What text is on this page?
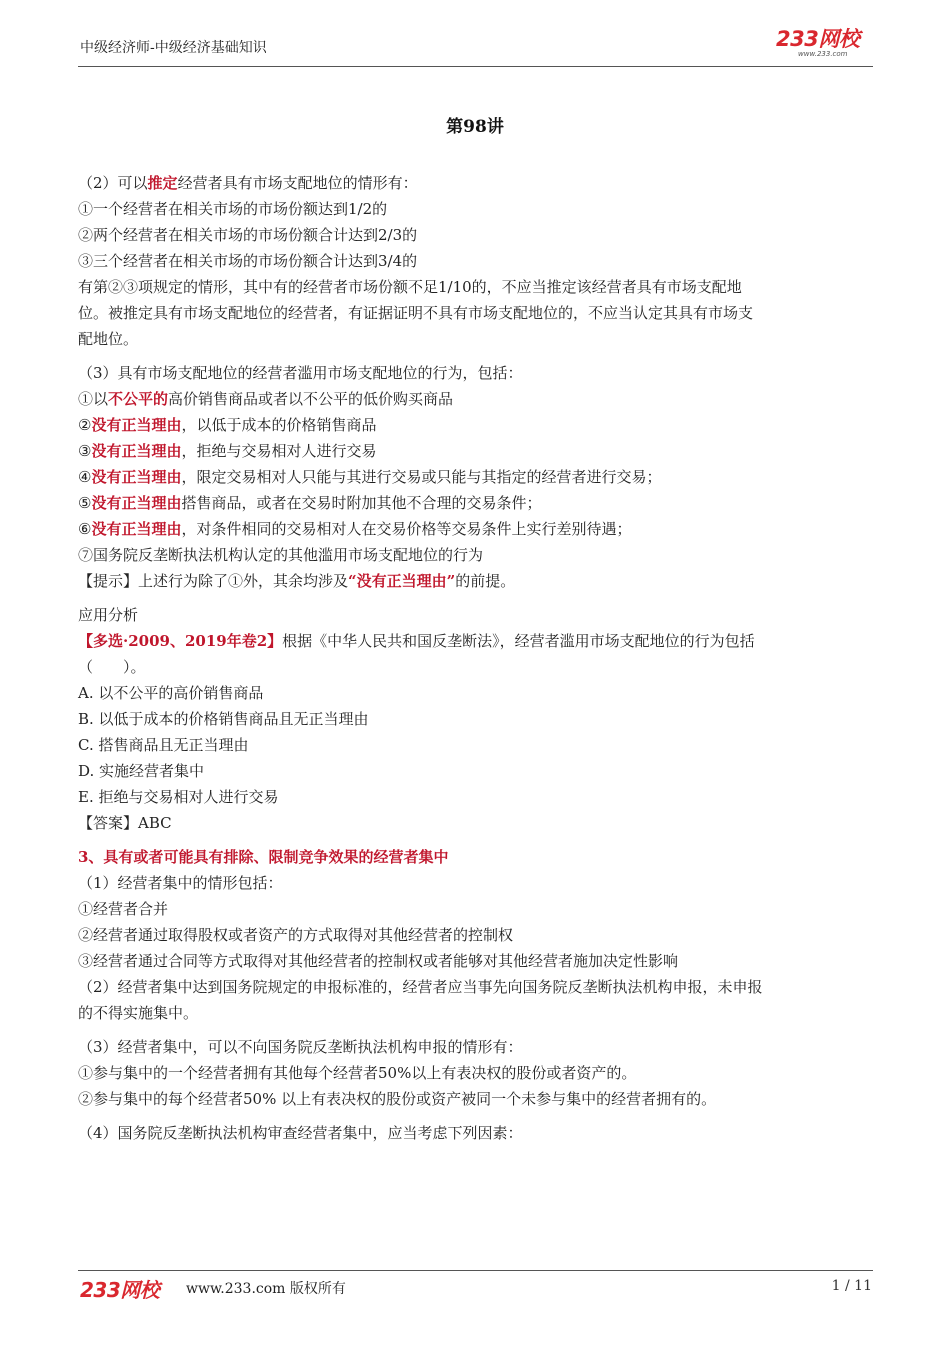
中级经济师-中级经济基础知识	233网校
www.233.com
第98讲

（2）可以推定经营者具有市场支配地位的情形有：

①一个经营者在相关市场的市场份额达到1/2的

②两个经营者在相关市场的市场份额合计达到2/3的

③三个经营者在相关市场的市场份额合计达到3/4的

有第②③项规定的情形，其中有的经营者市场份额不足1/10的，不应当推定该经营者具有市场支配地

位。被推定具有市场支配地位的经营者，有证据证明不具有市场支配地位的，不应当认定其具有市场支

配地位。

（3）具有市场支配地位的经营者滥用市场支配地位的行为，包括：

①以不公平的高价销售商品或者以不公平的低价购买商品

②没有正当理由，以低于成本的价格销售商品

③没有正当理由，拒绝与交易相对人进行交易

④没有正当理由，限定交易相对人只能与其进行交易或只能与其指定的经营者进行交易；

⑤没有正当理由搭售商品，或者在交易时附加其他不合理的交易条件；

⑥没有正当理由，对条件相同的交易相对人在交易价格等交易条件上实行差别待遇；

⑦国务院反垄断执法机构认定的其他滥用市场支配地位的行为

【提示】上述行为除了①外，其余均涉及“没有正当理由”的前提。

应用分析

【多选·2009、2019年卷2】根据《中华人民共和国反垄断法》，经营者滥用市场支配地位的行为包括

（　　）。

A. 以不公平的高价销售商品

B. 以低于成本的价格销售商品且无正当理由

C. 搭售商品且无正当理由

D. 实施经营者集中

E. 拒绝与交易相对人进行交易

【答案】ABC

3、具有或者可能具有排除、限制竞争效果的经营者集中

（1）经营者集中的情形包括：

①经营者合并

②经营者通过取得股权或者资产的方式取得对其他经营者的控制权

③经营者通过合同等方式取得对其他经营者的控制权或者能够对其他经营者施加决定性影响

（2）经营者集中达到国务院规定的申报标准的，经营者应当事先向国务院反垄断执法机构申报，未申报

的不得实施集中。

（3）经营者集中，可以不向国务院反垄断执法机构申报的情形有：

①参与集中的一个经营者拥有其他每个经营者50%以上有表决权的股份或者资产的。

②参与集中的每个经营者50% 以上有表决权的股份或资产被同一个未参与集中的经营者拥有的。

（4）国务院反垄断执法机构审查经营者集中，应当考虑下列因素：

233网校 www.233.com 版权所有	1 / 11
